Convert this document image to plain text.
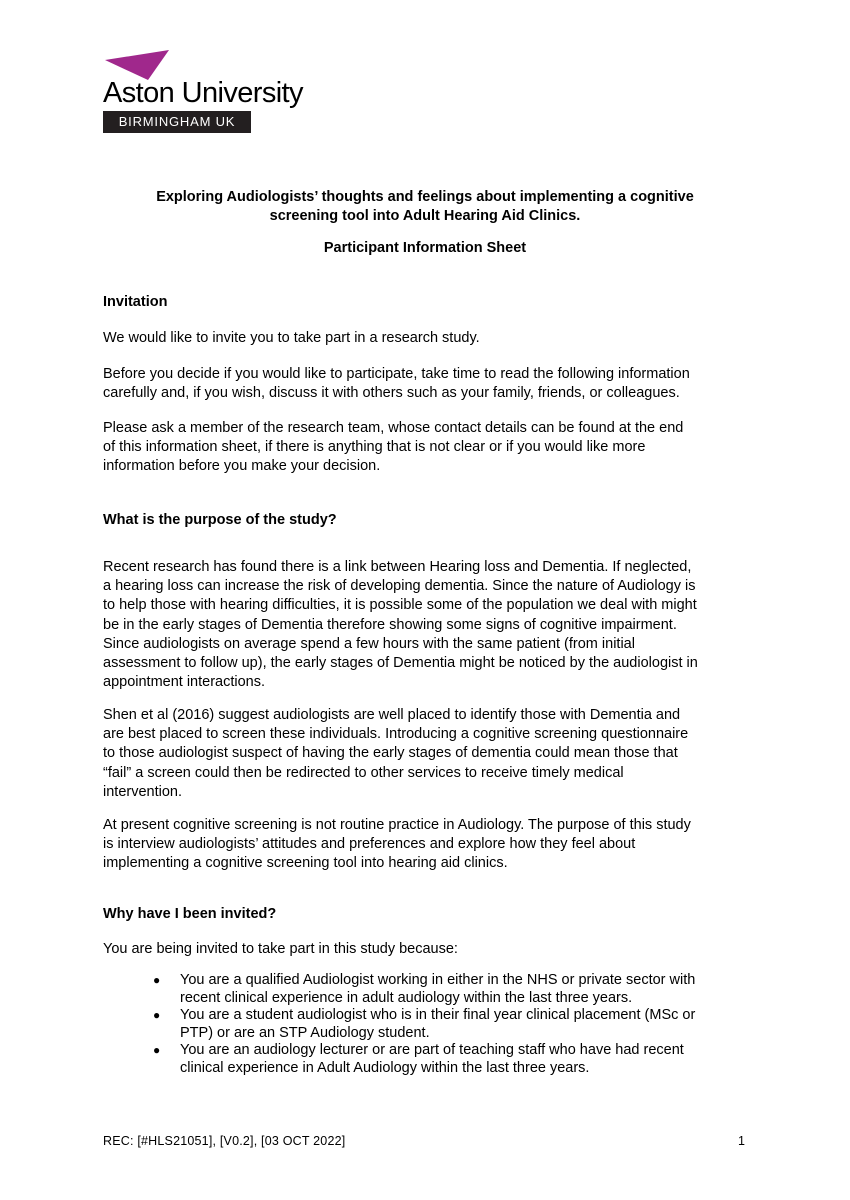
Aston University
BIRMINGHAM UK
Exploring Audiologists’ thoughts and feelings about implementing a cognitive
screening tool into Adult Hearing Aid Clinics.
Participant Information Sheet
Invitation
We would like to invite you to take part in a research study.
Before you decide if you would like to participate, take time to read the following information
carefully and, if you wish, discuss it with others such as your family, friends, or colleagues.
Please ask a member of the research team, whose contact details can be found at the end
of this information sheet, if there is anything that is not clear or if you would like more
information before you make your decision.
What is the purpose of the study?
Recent research has found there is a link between Hearing loss and Dementia. If neglected,
a hearing loss can increase the risk of developing dementia. Since the nature of Audiology is
to help those with hearing difficulties, it is possible some of the population we deal with might
be in the early stages of Dementia therefore showing some signs of cognitive impairment.
Since audiologists on average spend a few hours with the same patient (from initial
assessment to follow up), the early stages of Dementia might be noticed by the audiologist in
appointment interactions.
Shen et al (2016) suggest audiologists are well placed to identify those with Dementia and
are best placed to screen these individuals. Introducing a cognitive screening questionnaire
to those audiologist suspect of having the early stages of dementia could mean those that
“fail” a screen could then be redirected to other services to receive timely medical
intervention.
At present cognitive screening is not routine practice in Audiology. The purpose of this study
is interview audiologists’ attitudes and preferences and explore how they feel about
implementing a cognitive screening tool into hearing aid clinics.
Why have I been invited?
You are being invited to take part in this study because:
● You are a qualified Audiologist working in either in the NHS or private sector with
recent clinical experience in adult audiology within the last three years.
● You are a student audiologist who is in their final year clinical placement (MSc or
PTP) or are an STP Audiology student.
● You are an audiology lecturer or are part of teaching staff who have had recent
clinical experience in Adult Audiology within the last three years.
REC: [#HLS21051], [V0.2], [03 OCT 2022]	1
